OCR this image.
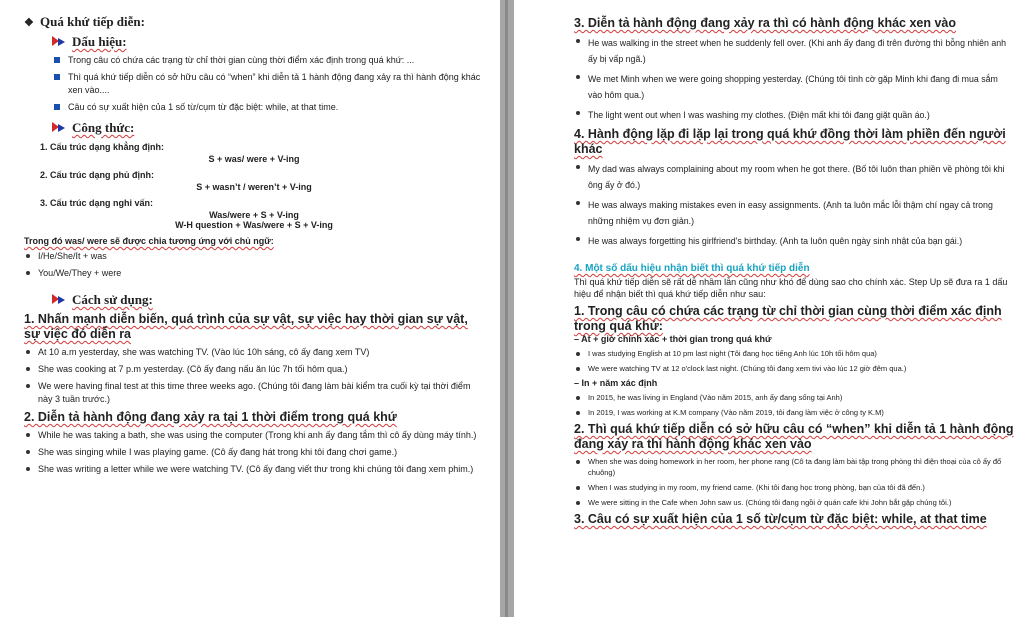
❖Quá khứ tiếp diễn:
Dấu hiệu:
Trong câu có chứa các trạng từ chỉ thời gian cùng thời điểm xác định trong quá khứ: ...
Thì quá khứ tiếp diễn có sở hữu câu có “when” khi diễn tả 1 hành động đang xảy ra thì hành động khác xen vào....
Câu có sự xuất hiện của 1 số từ/cụm từ đặc biệt: while, at that time.
Công thức:
1. Cấu trúc dạng khẳng định:
S + was/ were + V-ing
2. Cấu trúc dạng phủ định:
S + wasn’t / weren’t + V-ing
3. Cấu trúc dạng nghi vấn:
Was/were + S + V-ing
W-H question + Was/were + S + V-ing
Trong đó was/ were sẽ được chia tương ứng với chủ ngữ:
I/He/She/It + was
You/We/They + were
Cách sử dụng:
1. Nhấn mạnh diễn biến, quá trình của sự vật, sự việc hay thời gian sự vật, sự việc đó diễn ra
At 10 a.m yesterday, she was watching TV. (Vào lúc 10h sáng, cô ấy đang xem TV)
She was cooking at 7 p.m yesterday. (Cô ấy đang nấu ăn lúc 7h tối hôm qua.)
We were having final test at this time three weeks ago. (Chúng tôi đang làm bài kiểm tra cuối kỳ tại thời điểm này 3 tuần trước.)
2. Diễn tả hành động đang xảy ra tại 1 thời điểm trong quá khứ
While he was taking a bath, she was using the computer (Trong khi anh ấy đang tắm thì cô ấy dùng máy tính.)
She was singing while I was playing game. (Cô ấy đang hát trong khi tôi đang chơi game.)
She was writing a letter while we were watching TV. (Cô ấy đang viết thư trong khi chúng tôi đang xem phim.)
3. Diễn tả hành động đang xảy ra thì có hành động khác xen vào
He was walking in the street when he suddenly fell over. (Khi anh ấy đang đi trên đường thì bỗng nhiên anh ấy bị vấp ngã.)
We met Minh when we were going shopping yesterday. (Chúng tôi tình cờ gặp Minh khi đang đi mua sắm vào hôm qua.)
The light went out when I was washing my clothes. (Điện mất khi tôi đang giặt quần áo.)
4. Hành động lặp đi lặp lại trong quá khứ đồng thời làm phiền đến người khác
My dad was always complaining about my room when he got there. (Bố tôi luôn than phiền về phòng tôi khi ông ấy ở đó.)
He was always making mistakes even in easy assignments. (Anh ta luôn mắc lỗi thậm chí ngay cả trong những nhiệm vụ đơn giản.)
He was always forgetting his girlfriend's birthday. (Anh ta luôn quên ngày sinh nhật của bạn gái.)
4. Một số dấu hiệu nhận biết thì quá khứ tiếp diễn
Thì quá khứ tiếp diễn sẽ rất dễ nhầm lẫn cũng như khó để dùng sao cho chính xác. Step Up sẽ đưa ra 1 dấu hiệu để nhận biết thì quá khứ tiếp diễn như sau:
1. Trong câu có chứa các trạng từ chỉ thời gian cùng thời điểm xác định trong quá khứ:
– At + giờ chính xác + thời gian trong quá khứ
I was studying English at 10 pm last night (Tôi đang học tiếng Anh lúc 10h tối hôm qua)
We were watching TV at 12 o'clock last night. (Chúng tôi đang xem tivi vào lúc 12 giờ đêm qua.)
– In + năm xác định
In 2015, he was living in England (Vào năm 2015, anh ấy đang sống tại Anh)
In 2019, I was working at K.M company (Vào năm 2019, tôi đang làm việc ở công ty K.M)
2. Thì quá khứ tiếp diễn có sở hữu câu có “when” khi diễn tả 1 hành động đang xảy ra thì hành động khác xen vào
When she was doing homework in her room, her phone rang (Cô ta đang làm bài tập trong phòng thì điện thoại của cô ấy đổ chuông)
When I was studying in my room, my friend came. (Khi tôi đang học trong phòng, bạn của tôi đã đến.)
We were sitting in the Cafe when John saw us. (Chúng tôi đang ngồi ở quán cafe khi John bắt gặp chúng tôi.)
3. Câu có sự xuất hiện của 1 số từ/cụm từ đặc biệt: while, at that time
